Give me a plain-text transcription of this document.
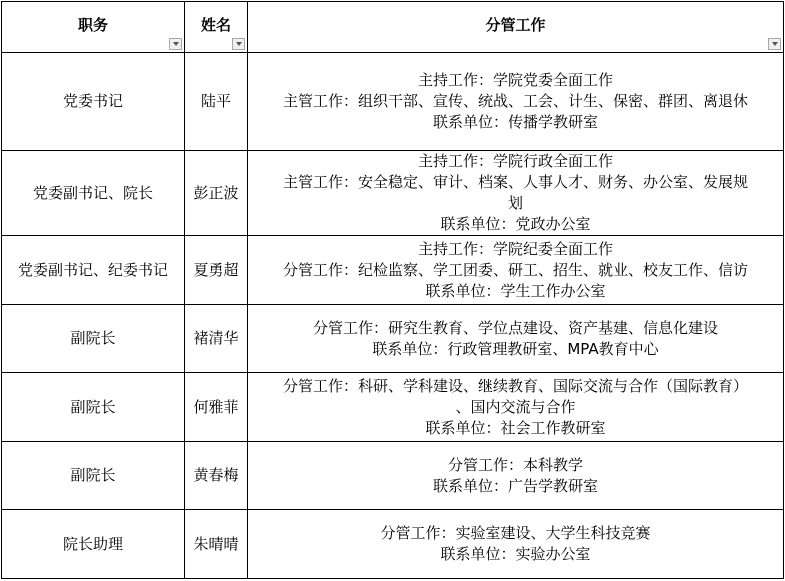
职务	姓名	分管工作

党委书记	陆平	主持工作：学院党委全面工作
主管工作：组织干部、宣传、统战、工会、计生、保密、群团、离退休
联系单位：传播学教研室

党委副书记、院长	彭正波	主持工作：学院行政全面工作
主管工作：安全稳定、审计、档案、人事人才、财务、办公室、发展规
划
联系单位：党政办公室

党委副书记、纪委书记	夏勇超	主持工作：学院纪委全面工作
分管工作：纪检监察、学工团委、研工、招生、就业、校友工作、信访
联系单位：学生工作办公室

副院长	褚清华	分管工作：研究生教育、学位点建设、资产基建、信息化建设
联系单位：行政管理教研室、MPA教育中心

副院长	何雅菲	分管工作：科研、学科建设、继续教育、国际交流与合作（国际教育）
、国内交流与合作
联系单位：社会工作教研室

副院长	黄春梅	分管工作：本科教学
联系单位：广告学教研室

院长助理	朱晴晴	分管工作：实验室建设、大学生科技竞赛
联系单位：实验办公室
